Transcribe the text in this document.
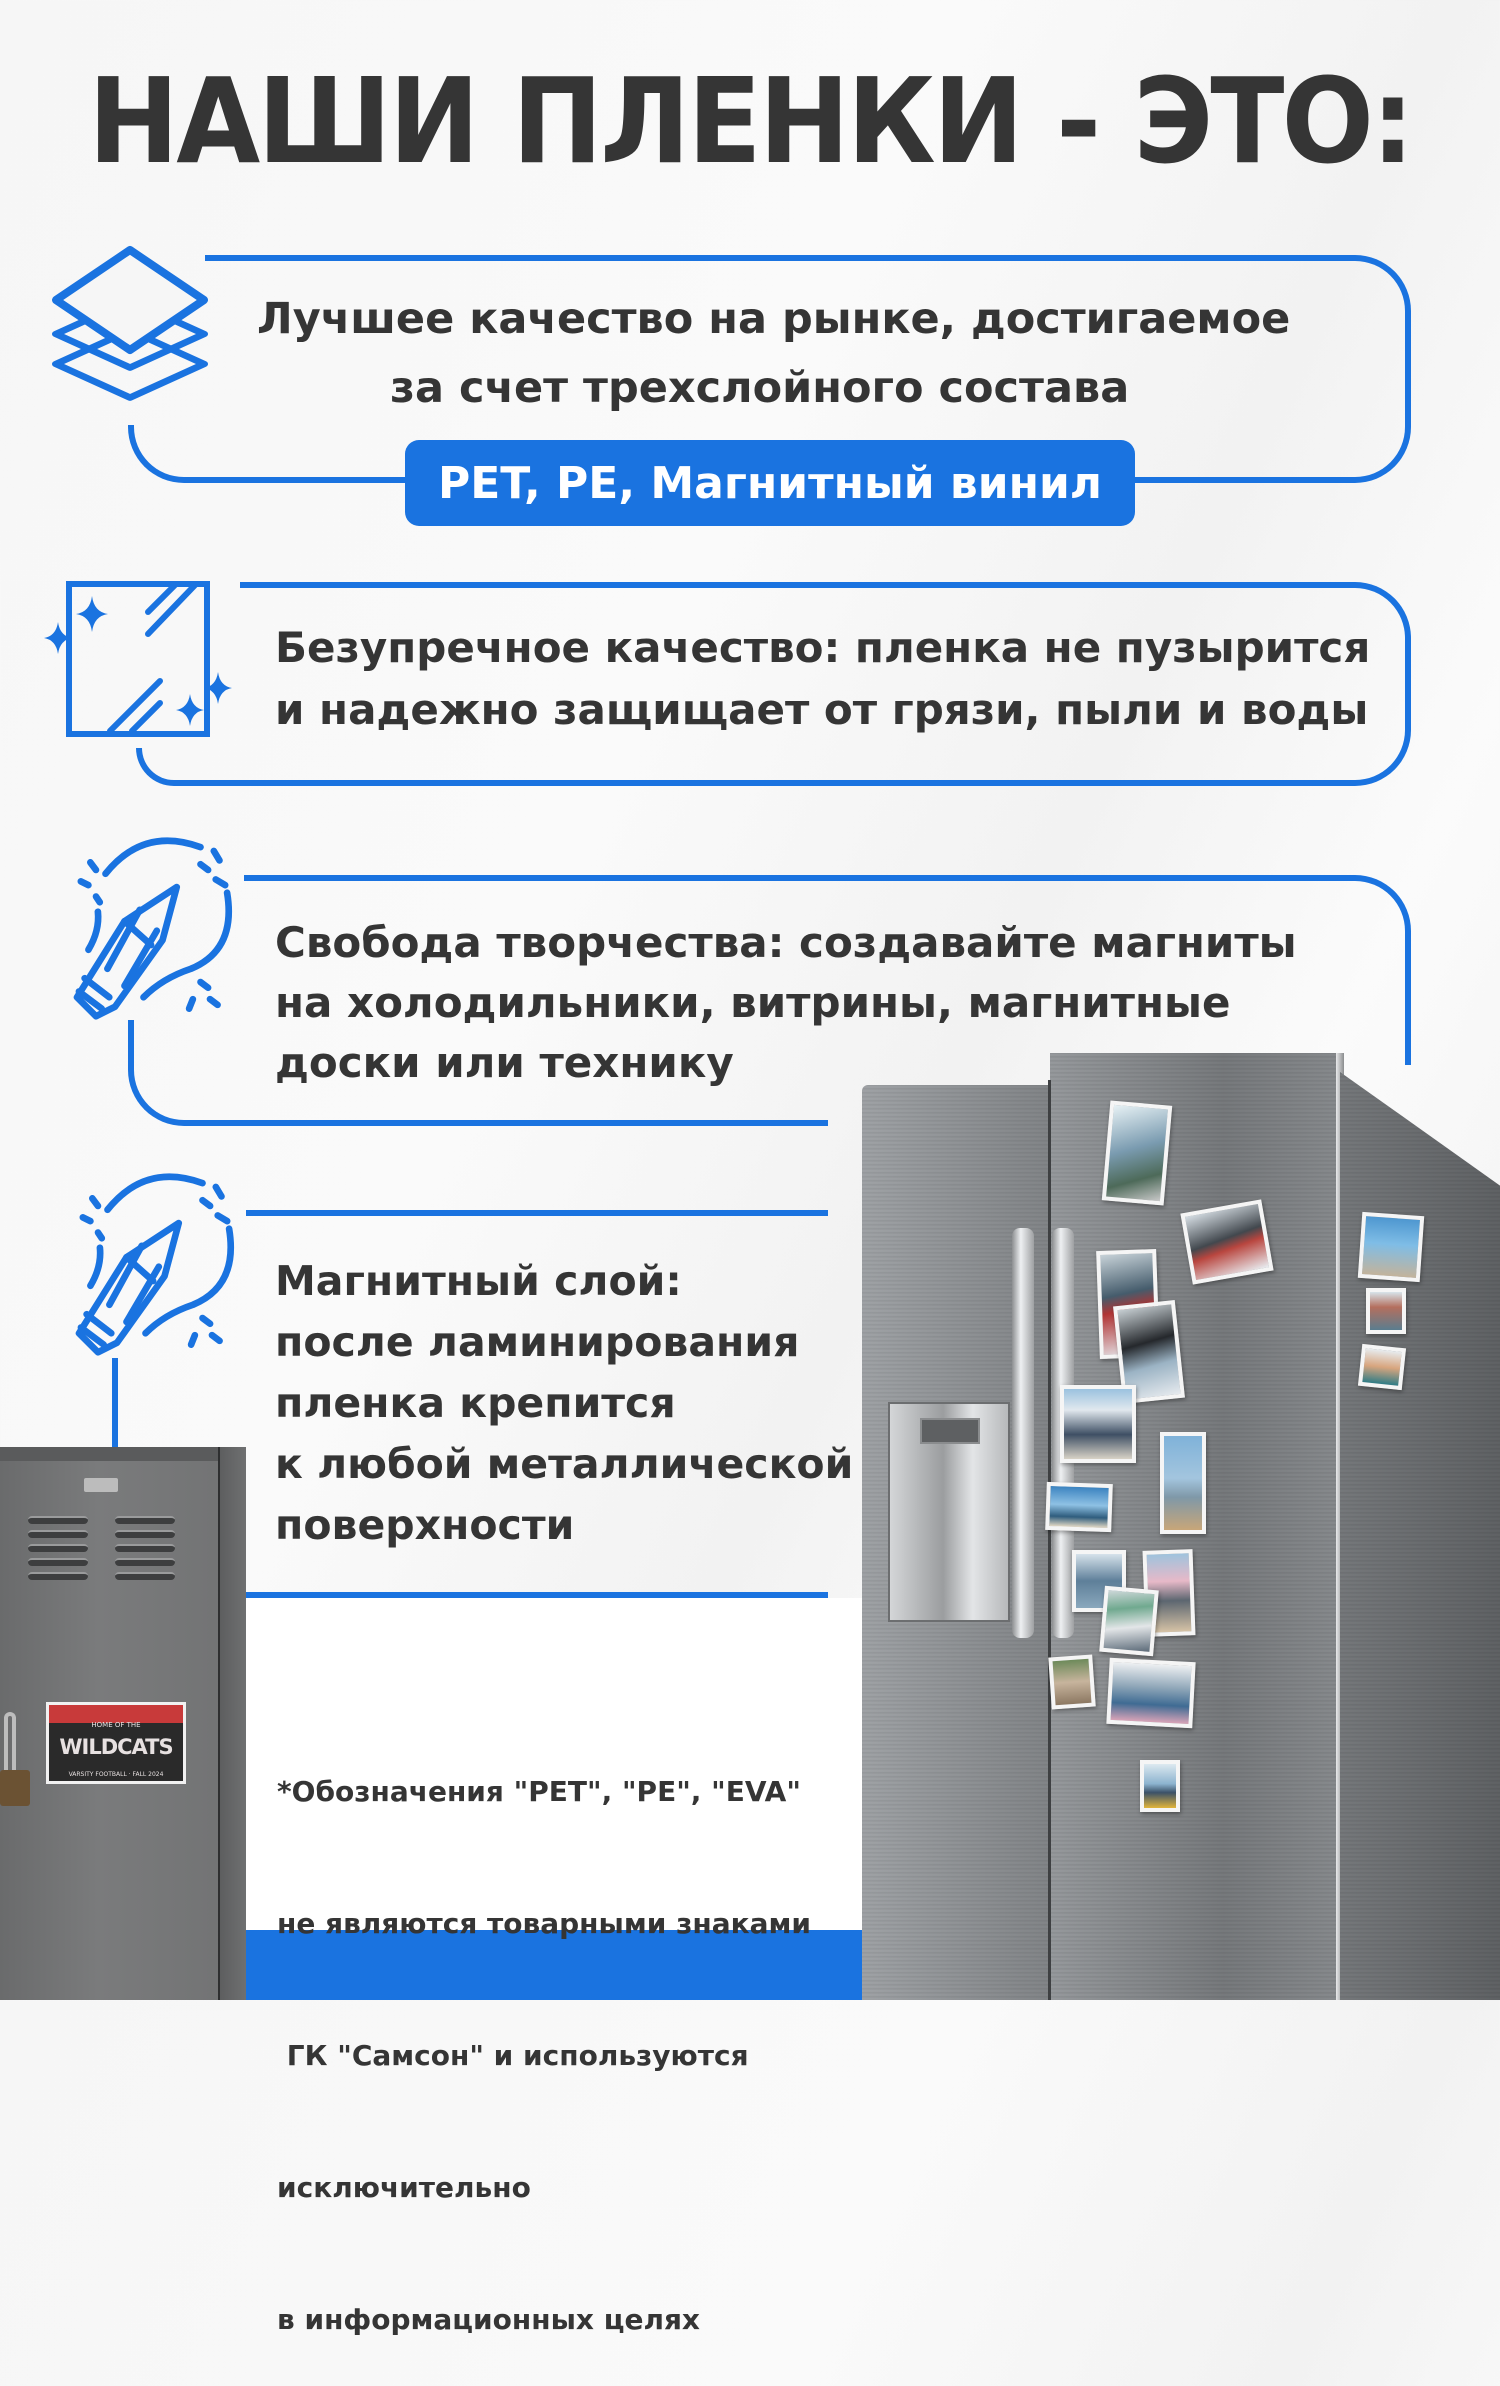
НАШИ ПЛЕНКИ - ЭТО:
Лучшее качество на рынке, достигаемое
за счет трехслойного состава
PET, PE, Магнитный винил
Безупречное качество: пленка не пузырится
и надежно защищает от грязи, пыли и воды
Свобода творчества: создавайте магниты
на холодильники, витрины, магнитные
доски или технику
Магнитный слой:
после ламинирования
пленка крепится
к любой металлической
поверхности
HOME OF THE
WILDCATS
VARSITY FOOTBALL · FALL 2024

*Обозначения "PET", "PE", "EVA"

не являются товарными знаками

ГК "Самсон" и используются

исключительно

в информационных целях
